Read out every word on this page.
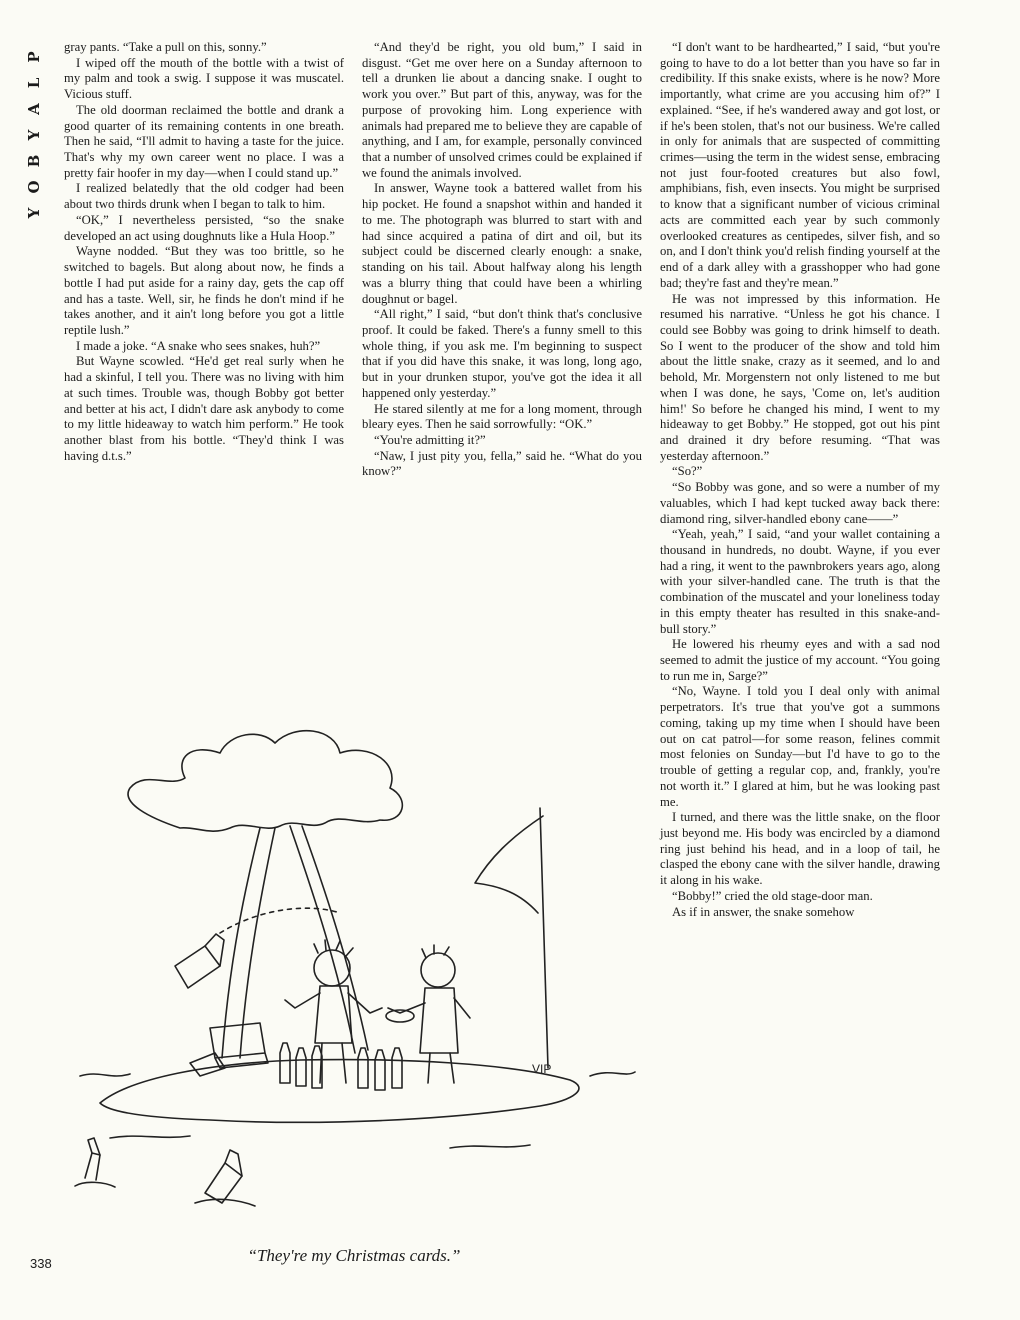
P
L
A
Y
B
O
Y

gray pants. “Take a pull on this, sonny.”

I wiped off the mouth of the bottle with a twist of my palm and took a swig. I suppose it was muscatel. Vicious stuff.

The old doorman reclaimed the bottle and drank a good quarter of its remaining contents in one breath. Then he said, “I'll admit to having a taste for the juice. That's why my own career went no place. I was a pretty fair hoofer in my day—when I could stand up.”

I realized belatedly that the old codger had been about two thirds drunk when I began to talk to him.

“OK,” I nevertheless persisted, “so the snake developed an act using doughnuts like a Hula Hoop.”

Wayne nodded. “But they was too brittle, so he switched to bagels. But along about now, he finds a bottle I had put aside for a rainy day, gets the cap off and has a taste. Well, sir, he finds he don't mind if he takes another, and it ain't long before you got a little reptile lush.”

I made a joke. “A snake who sees snakes, huh?”

But Wayne scowled. “He'd get real surly when he had a skinful, I tell you. There was no living with him at such times. Trouble was, though Bobby got better and better at his act, I didn't dare ask anybody to come to my little hideaway to watch him perform.” He took another blast from his bottle. “They'd think I was having d.t.s.”

“And they'd be right, you old bum,” I said in disgust. “Get me over here on a Sunday afternoon to tell a drunken lie about a dancing snake. I ought to work you over.” But part of this, anyway, was for the purpose of provoking him. Long experience with animals had prepared me to believe they are capable of anything, and I am, for example, personally convinced that a number of unsolved crimes could be explained if we found the animals involved.

In answer, Wayne took a battered wallet from his hip pocket. He found a snapshot within and handed it to me. The photograph was blurred to start with and had since acquired a patina of dirt and oil, but its subject could be discerned clearly enough: a snake, standing on his tail. About halfway along his length was a blurry thing that could have been a whirling doughnut or bagel.

“All right,” I said, “but don't think that's conclusive proof. It could be faked. There's a funny smell to this whole thing, if you ask me. I'm beginning to suspect that if you did have this snake, it was long, long ago, but in your drunken stupor, you've got the idea it all happened only yesterday.”

He stared silently at me for a long moment, through bleary eyes. Then he said sorrowfully: “OK.”

“You're admitting it?”

“Naw, I just pity you, fella,” said he. “What do you know?”

“I don't want to be hardhearted,” I said, “but you're going to have to do a lot better than you have so far in credibility. If this snake exists, where is he now? More importantly, what crime are you accusing him of?” I explained. “See, if he's wandered away and got lost, or if he's been stolen, that's not our business. We're called in only for animals that are suspected of committing crimes—using the term in the widest sense, embracing not just four-footed creatures but also fowl, amphibians, fish, even insects. You might be surprised to know that a significant number of vicious criminal acts are committed each year by such commonly overlooked creatures as centipedes, silver fish, and so on, and I don't think you'd relish finding yourself at the end of a dark alley with a grasshopper who had gone bad; they're fast and they're mean.”

He was not impressed by this information. He resumed his narrative. “Unless he got his chance. I could see Bobby was going to drink himself to death. So I went to the producer of the show and told him about the little snake, crazy as it seemed, and lo and behold, Mr. Morgenstern not only listened to me but when I was done, he says, 'Come on, let's audition him!' So before he changed his mind, I went to my hideaway to get Bobby.” He stopped, got out his pint and drained it dry before resuming. “That was yesterday afternoon.”

“So?”

“So Bobby was gone, and so were a number of my valuables, which I had kept tucked away back there: diamond ring, silver-handled ebony cane——”

“Yeah, yeah,” I said, “and your wallet containing a thousand in hundreds, no doubt. Wayne, if you ever had a ring, it went to the pawnbrokers years ago, along with your silver-handled cane. The truth is that the combination of the muscatel and your loneliness today in this empty theater has resulted in this snake-and-bull story.”

He lowered his rheumy eyes and with a sad nod seemed to admit the justice of my account. “You going to run me in, Sarge?”

“No, Wayne. I told you I deal only with animal perpetrators. It's true that you've got a summons coming, taking up my time when I should have been out on cat patrol—for some reason, felines commit most felonies on Sunday—but I'd have to go to the trouble of getting a regular cop, and, frankly, you're not worth it.” I glared at him, but he was looking past me.

I turned, and there was the little snake, on the floor just beyond me. His body was encircled by a diamond ring just behind his head, and in a loop of tail, he clasped the ebony cane with the silver handle, drawing it along in his wake.

“Bobby!” cried the old stage-door man.

As if in answer, the snake somehow

VIP
“They're my Christmas cards.”
338
